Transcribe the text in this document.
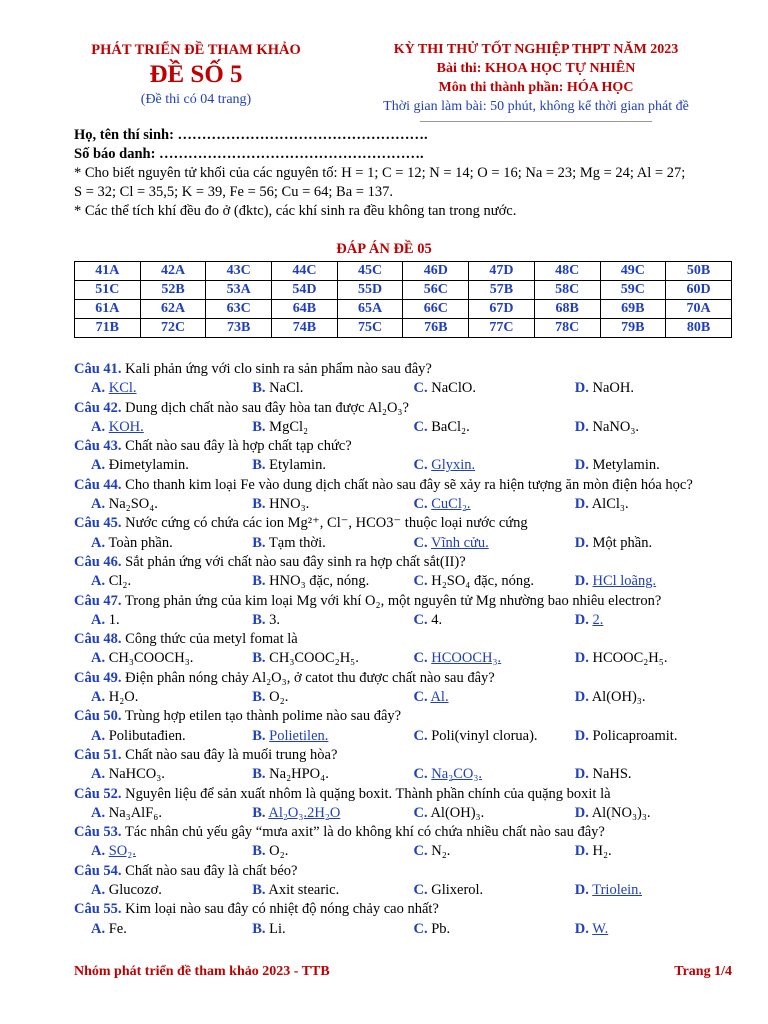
PHÁT TRIỂN ĐỀ THAM KHẢO
ĐỀ SỐ 5
(Đề thi có 04 trang)
KỲ THI THỬ TỐT NGHIỆP THPT NĂM 2023
Bài thi: KHOA HỌC TỰ NHIÊN
Môn thi thành phần: HÓA HỌC
Thời gian làm bài: 50 phút, không kể thời gian phát đề
Họ, tên thí sinh: …………………………………………….
Số báo danh: ……………………………………………….
* Cho biết nguyên tử khối của các nguyên tố: H = 1; C = 12; N = 14; O = 16; Na = 23; Mg = 24; Al = 27;
S = 32; Cl = 35,5; K = 39, Fe = 56; Cu = 64; Ba = 137.
* Các thể tích khí đều đo ở (đktc), các khí sinh ra đều không tan trong nước.
ĐÁP ÁN ĐỀ 05
41A	42A	43C	44C	45C	46D	47D	48C	49C	50B
51C	52B	53A	54D	55D	56C	57B	58C	59C	60D
61A	62A	63C	64B	65A	66C	67D	68B	69B	70A
71B	72C	73B	74B	75C	76B	77C	78C	79B	80B
Câu 41. Kali phản ứng với clo sinh ra sản phẩm nào sau đây?
A. KCl.	B. NaCl.	C. NaClO.	D. NaOH.
Câu 42. Dung dịch chất nào sau đây hòa tan được Al₂O₃?
A. KOH.	B. MgCl₂	C. BaCl₂.	D. NaNO₃.
Câu 43. Chất nào sau đây là hợp chất tạp chức?
A. Đimetylamin.	B. Etylamin.	C. Glyxin.	D. Metylamin.
Câu 44. Cho thanh kim loại Fe vào dung dịch chất nào sau đây sẽ xảy ra hiện tượng ăn mòn điện hóa học?
A. Na₂SO₄.	B. HNO₃.	C. CuCl₂.	D. AlCl₃.
Câu 45. Nước cứng có chứa các ion Mg²⁺, Cl⁻, HCO3⁻ thuộc loại nước cứng
A. Toàn phần.	B. Tạm thời.	C. Vĩnh cửu.	D. Một phần.
Câu 46. Sắt phản ứng với chất nào sau đây sinh ra hợp chất sắt(II)?
A. Cl₂.	B. HNO₃ đặc, nóng.	C. H₂SO₄ đặc, nóng.	D. HCl loãng.
Câu 47. Trong phản ứng của kim loại Mg với khí O₂, một nguyên tử Mg nhường bao nhiêu electron?
A. 1.	B. 3.	C. 4.	D. 2.
Câu 48. Công thức của metyl fomat là
A. CH₃COOCH₃.	B. CH₃COOC₂H₅.	C. HCOOCH₃.	D. HCOOC₂H₅.
Câu 49. Điện phân nóng chảy Al₂O₃, ở catot thu được chất nào sau đây?
A. H₂O.	B. O₂.	C. Al.	D. Al(OH)₃.
Câu 50. Trùng hợp etilen tạo thành polime nào sau đây?
A. Polibutađien.	B. Polietilen.	C. Poli(vinyl clorua).	D. Policaproamit.
Câu 51. Chất nào sau đây là muối trung hòa?
A. NaHCO₃.	B. Na₂HPO₄.	C. Na₂CO₃.	D. NaHS.
Câu 52. Nguyên liệu để sản xuất nhôm là quặng boxit. Thành phần chính của quặng boxit là
A. Na₃AlF₆.	B. Al₂O₃.2H₂O	C. Al(OH)₃.	D. Al(NO₃)₃.
Câu 53. Tác nhân chủ yếu gây “mưa axit” là do không khí có chứa nhiều chất nào sau đây?
A. SO₂.	B. O₂.	C. N₂.	D. H₂.
Câu 54. Chất nào sau đây là chất béo?
A. Glucozơ.	B. Axit stearic.	C. Glixerol.	D. Triolein.
Câu 55. Kim loại nào sau đây có nhiệt độ nóng chảy cao nhất?
A. Fe.	B. Li.	C. Pb.	D. W.
Nhóm phát triển đề tham khảo 2023 - TTB	Trang 1/4
